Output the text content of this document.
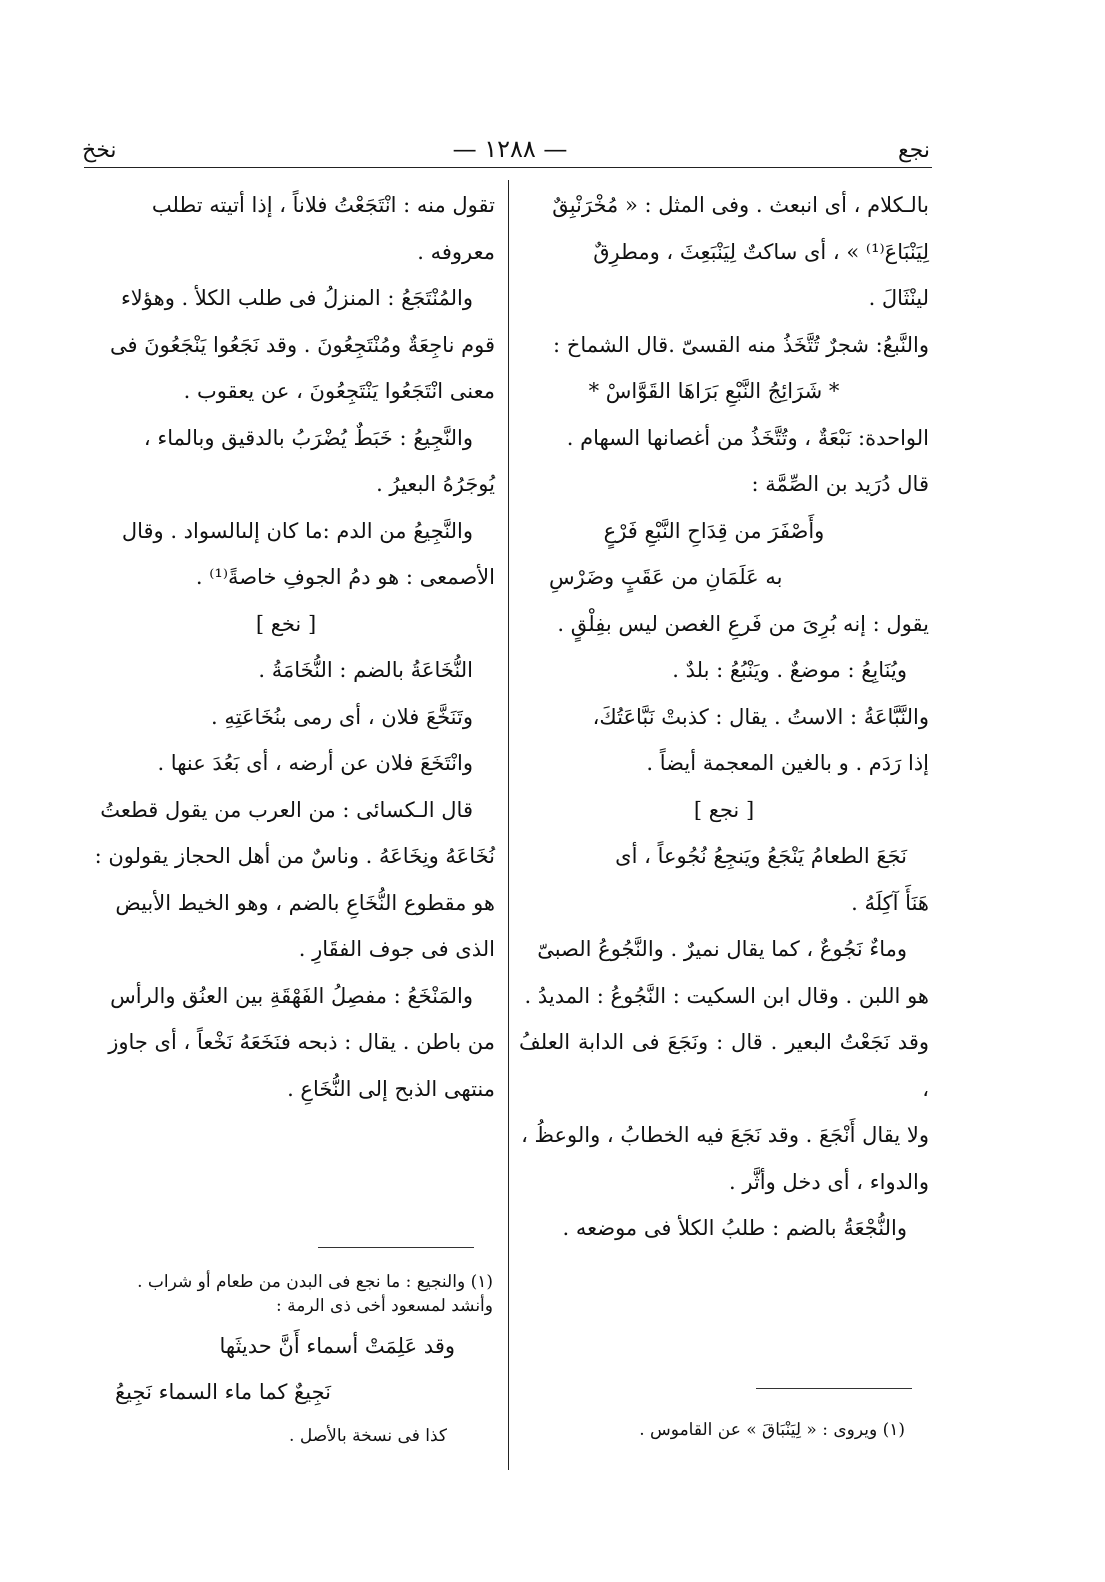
نجع
— ١٢٨٨ —
نخخ

بالـكلام ، أى انبعث . وفى المثل : « مُخْرَنْبِقٌ

لِيَنْبَاعَ⁽¹⁾ » ، أى ساكتٌ لِيَنْبَعِثَ ، ومطرِقٌ

لينْثَالَ .

والنَّبعُ: شجرٌ تُتَّخَذُ منه القسىّ .قال الشماخ :

* شَرَائِجُ النَّبْعِ بَرَاهَا القَوَّاسْ *

الواحدة: نَبْعَةٌ ، وتُتَّخَذُ من أغصانها السهام .

قال دُرَيد بن الصِّمَّة :

وأَصْفَرَ من قِدَاحِ النَّبْعِ فَرْعٍ

به عَلَمَانِ من عَقَبٍ وضَرْسِ

يقول : إنه بُرِىَ من فَرعِ الغصن ليس بفِلْقٍ .

ويُنَابِعُ : موضعٌ . ويَنْبُعُ : بلدٌ .

والنَّبَّاعَةُ : الاستُ . يقال : كذبتْ نَبَّاعَتُكَ،

إذا رَدَم . و بالغين المعجمة أيضاً .

[ نجع ]

نَجَعَ الطعامُ يَنْجَعُ ويَنجِعُ نُجُوعاً ، أى

هَنَأَ آكِلَهُ .

وماءٌ نَجُوعٌ ، كما يقال نميرٌ . والنَّجُوعُ الصبىّ

هو اللبن . وقال ابن السكيت : النَّجُوعُ : المديدُ .

وقد نَجَعْتُ البعير . قال : ونَجَعَ فى الدابة العلفُ ،

ولا يقال أَنْجَعَ . وقد نَجَعَ فيه الخطابُ ، والوعظُ ،

والدواء ، أى دخل وأثَّر .

والنُّجْعَةُ بالضم : طلبُ الكلأ فى موضعه .

(١) ويروى : « لِيَنْبَاقَ » عن القاموس .

تقول منه : انْتَجَعْتُ فلاناً ، إذا أتيته تطلب

معروفه .

والمُنْتَجَعُ : المنزلُ فى طلب الكلأ . وهؤلاء

قوم ناجِعَةٌ ومُنْتَجِعُونَ . وقد نَجَعُوا يَنْجَعُونَ فى

معنى انْتَجَعُوا يَنْتَجِعُونَ ، عن يعقوب .

والنَّجِيعُ : خَبَطٌ يُضْرَبُ بالدقيق وبالماء ،

يُوجَرُهُ البعيرُ .

والنَّجِيعُ من الدم :ما كان إلىالسواد . وقال

الأصمعى : هو دمُ الجوفِ خاصةً⁽¹⁾ .

[ نخع ]

النُّخَاعَةُ بالضم : النُّخَامَةُ .

وتَنَخَّعَ فلان ، أى رمى بنُخَاعَتِهِ .

وانْتَخَعَ فلان عن أرضه ، أى بَعُدَ عنها .

قال الـكسائى : من العرب من يقول قطعتُ

نُخَاعَهُ ونِخَاعَهُ . وناسٌ من أهل الحجاز يقولون :

هو مقطوع النُّخَاعِ بالضم ، وهو الخيط الأبيض

الذى فى جوف الفقَارِ .

والمَنْخَعُ : مفصِلُ الفَهْقَةِ بين العنُق والرأس

من باطن . يقال : ذبحه فنَخَعَهُ نَخْعاً ، أى جاوز

منتهى الذبح إلى النُّخَاعِ .

(١) والنجيع : ما نجع فى البدن من طعام أو شراب .
وأنشد لمسعود أخى ذى الرمة :
وقد عَلِمَتْ أسماء أَنَّ حديثَها
نَجِيعٌ كما ماء السماء نَجِيعُ
كذا فى نسخة بالأصل .
